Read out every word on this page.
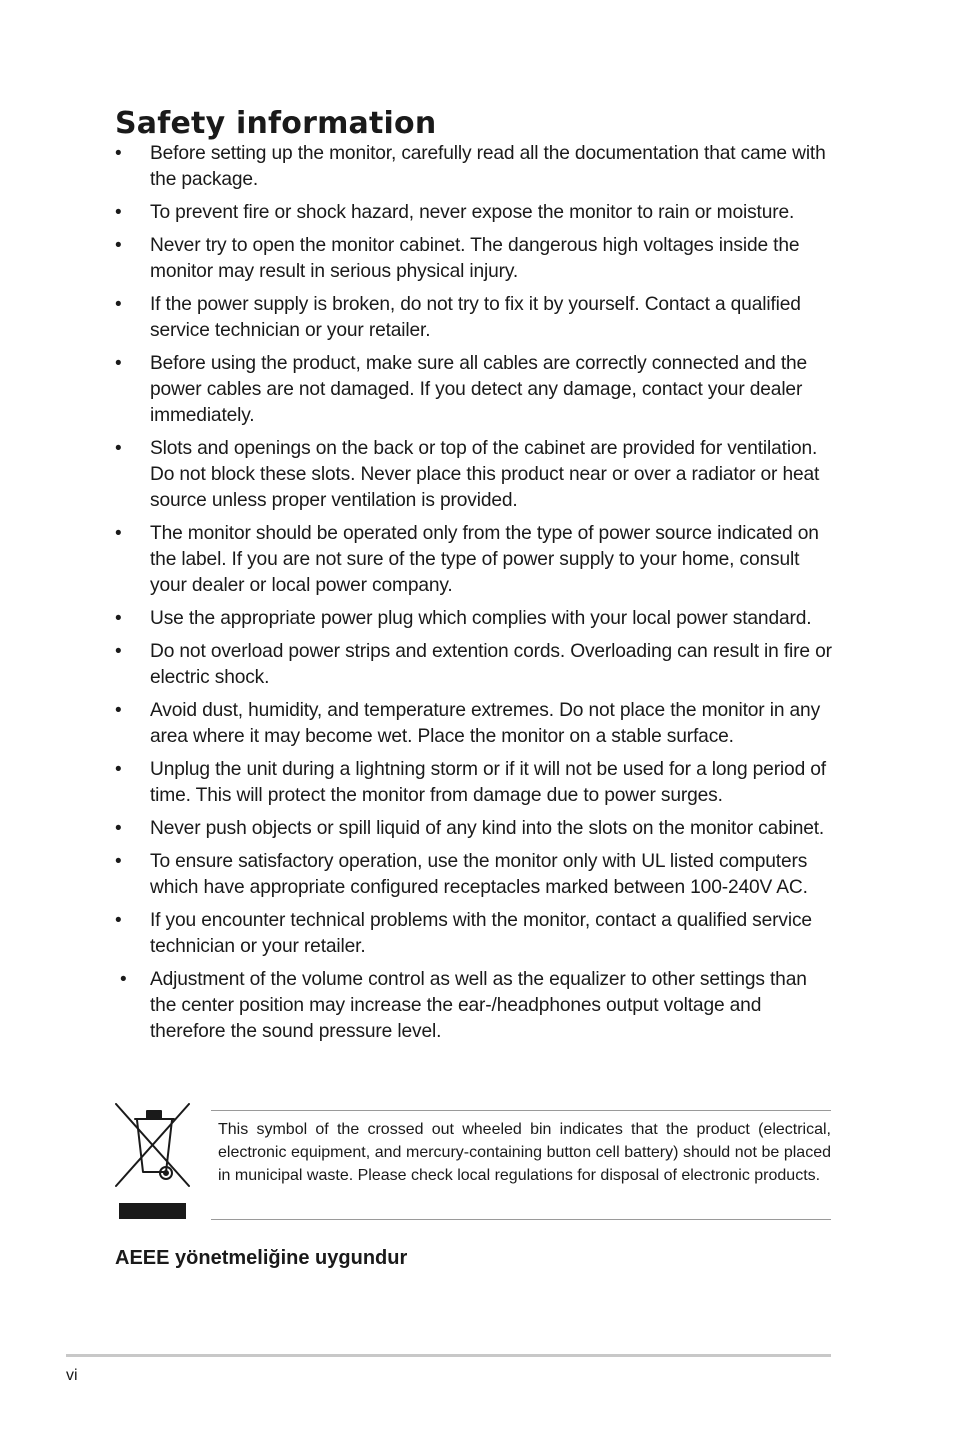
Safety information
• Before setting up the monitor, carefully read all the documentation that came with the package.
• To prevent fire or shock hazard, never expose the monitor to rain or moisture.
• Never try to open the monitor cabinet. The dangerous high voltages inside the monitor may result in serious physical injury.
• If the power supply is broken, do not try to fix it by yourself. Contact a qualified service technician or your retailer.
• Before using the product, make sure all cables are correctly connected and the power cables are not damaged. If you detect any damage, contact your dealer immediately.
• Slots and openings on the back or top of the cabinet are provided for ventilation. Do not block these slots. Never place this product near or over a radiator or heat source unless proper ventilation is provided.
• The monitor should be operated only from the type of power source indicated on the label. If you are not sure of the type of power supply to your home, consult your dealer or local power company.
• Use the appropriate power plug which complies with your local power standard.
• Do not overload power strips and extention cords. Overloading can result in fire or electric shock.
• Avoid dust, humidity, and temperature extremes. Do not place the monitor in any area where it may become wet. Place the monitor on a stable surface.
• Unplug the unit during a lightning storm or if it will not be used for a long period of time. This will protect the monitor from damage due to power surges.
• Never push objects or spill liquid of any kind into the slots on the monitor cabinet.
• To ensure satisfactory operation, use the monitor only with UL listed computers which have appropriate configured receptacles marked between 100-240V AC.
• If you encounter technical problems with the monitor, contact a qualified service technician or your retailer.
• Adjustment of the volume control as well as the equalizer to other settings than the center position may increase the ear-/headphones output voltage and therefore the sound pressure level.

This symbol of the crossed out wheeled bin indicates that the product (electrical, electronic equipment, and mercury-containing button cell battery) should not be placed in municipal waste. Please check local regulations for disposal of electronic products.

AEEE yönetmeliğine uygundur

vi
